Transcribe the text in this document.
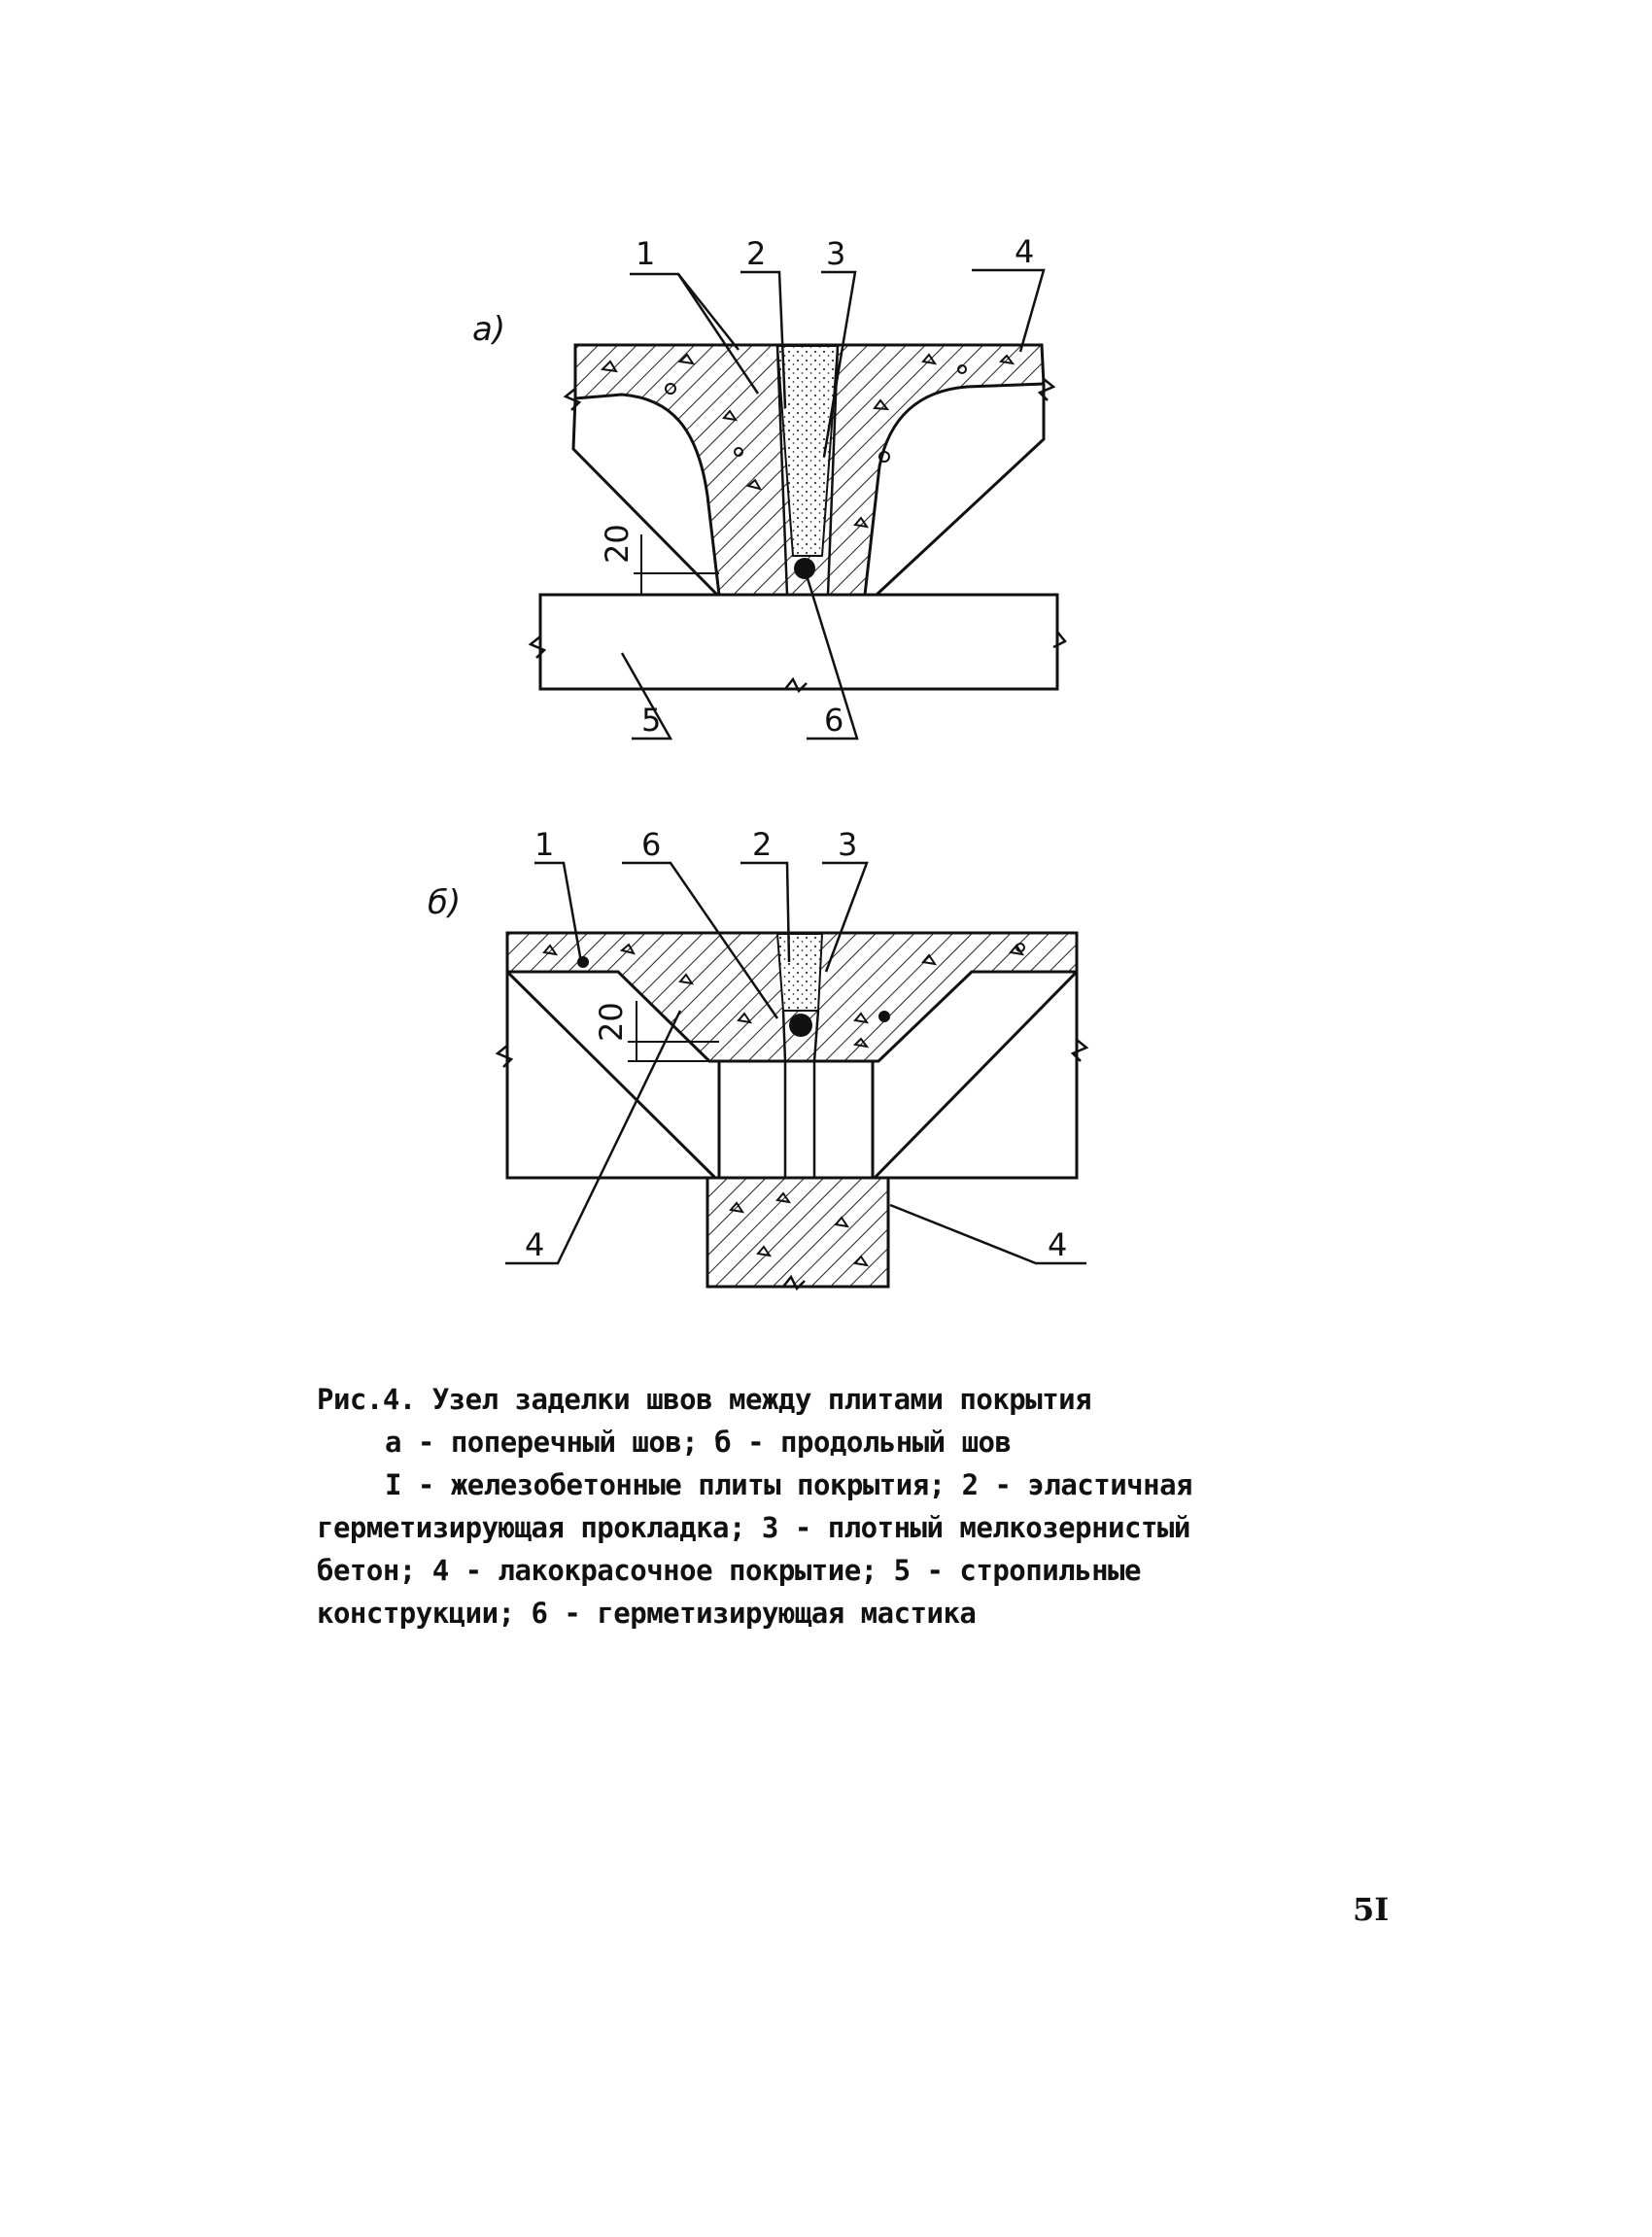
а)
20
1	2 3	4
5	6
б)
20
1	6	2 3
4	4

Рис.4. Узел заделки швов между плитами покрытия

а - поперечный шов; б - продольный шов

I - железобетонные плиты покрытия; 2 - эластичная

герметизирующая прокладка; 3 - плотный мелкозернистый

бетон; 4 - лакокрасочное покрытие; 5 - стропильные

конструкции; 6 - герметизирующая мастика

5I
